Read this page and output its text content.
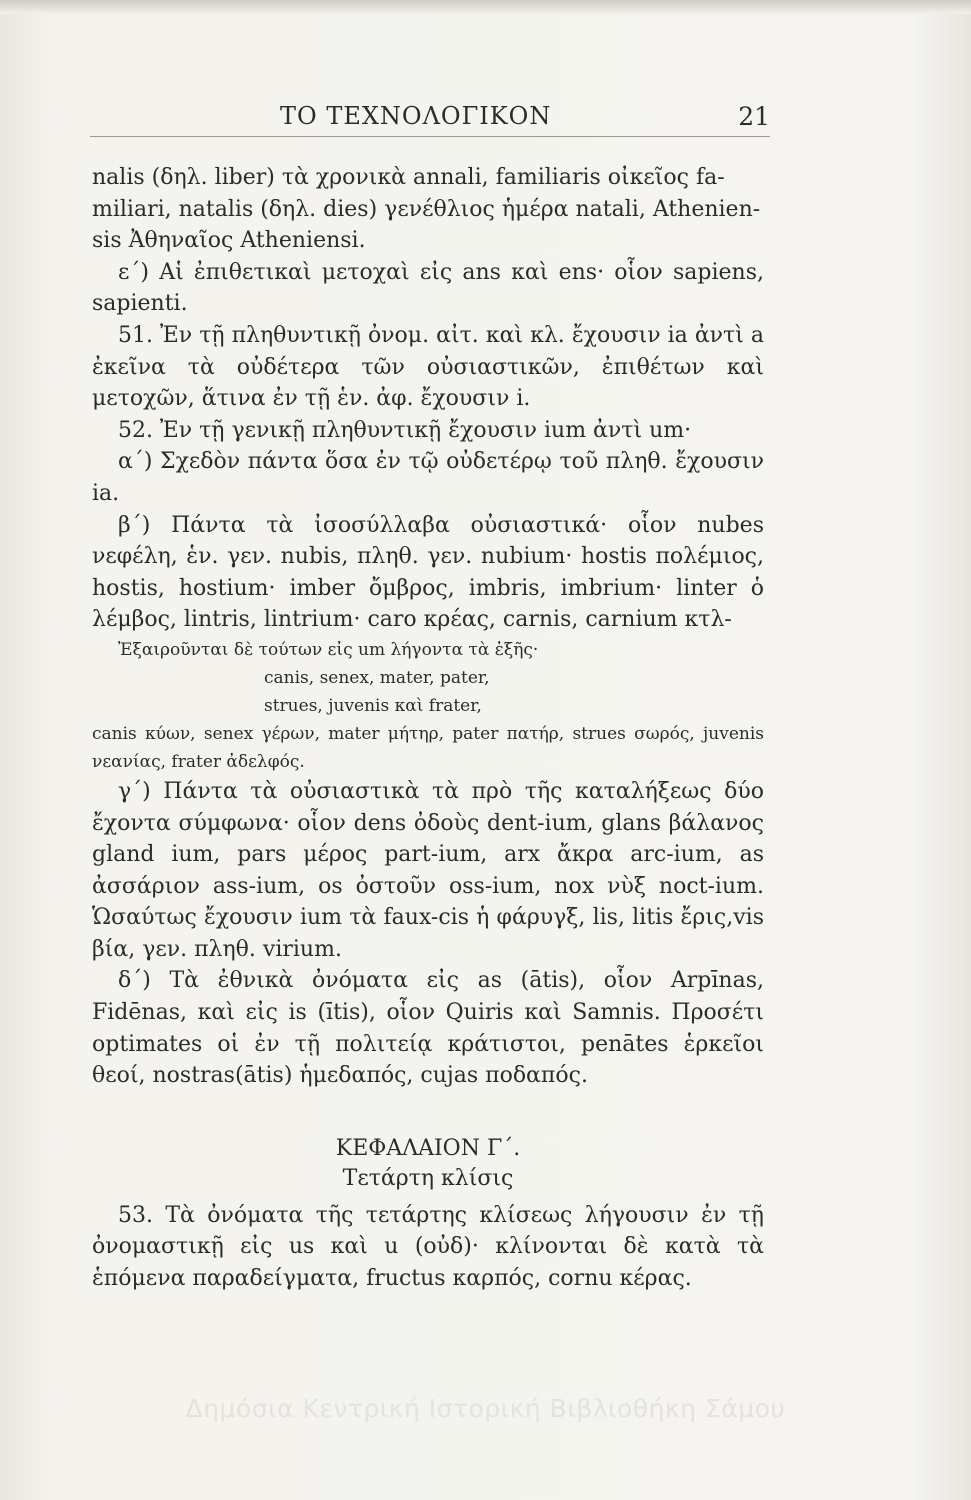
ΤΟ ΤΕΧΝΟΛΟΓΙΚΟΝ	21

nalis (δηλ. liber) τὰ χρονικὰ annali, familiaris οἰκεῖος fa-

miliari, natalis (δηλ. dies) γενέθλιος ἡμέρα natali, Athenien-

sis Ἀθηναῖος Atheniensi.

ε΄) Αἱ ἐπιθετικαὶ μετοχαὶ εἰς ans καὶ ens· οἷον sapiens, sapienti.

51. Ἐν τῇ πληθυντικῇ ὀνομ. αἰτ. καὶ κλ. ἔχουσιν ia ἀντὶ a ἐκεῖνα τὰ οὐδέτερα τῶν οὐσιαστικῶν, ἐπιθέτων καὶ μετοχῶν, ἅτινα ἐν τῇ ἑν. ἀφ. ἔχουσιν i.

52. Ἐν τῇ γενικῇ πληθυντικῇ ἔχουσιν ium ἀντὶ um·

α΄) Σχεδὸν πάντα ὅσα ἐν τῷ οὐδετέρῳ τοῦ πληθ. ἔχουσιν ia.

β΄) Πάντα τὰ ἰσοσύλλαβα οὐσιαστικά· οἷον nubes νεφέλη, ἑν. γεν. nubis, πληθ. γεν. nubium· hostis πολέμιος, hostis, hostium· imber ὄμβρος, imbris, imbrium· linter ὁ λέμβος, lintris, lintrium· caro κρέας, carnis, carnium κτλ-

Ἐξαιροῦνται δὲ τούτων εἰς um λήγοντα τὰ ἑξῆς·

canis, senex, mater, pater,

strues, juvenis καὶ frater,

canis κύων, senex γέρων, mater μήτηρ, pater πατήρ, strues σωρός, juvenis νεανίας, frater ἀδελφός.

γ΄) Πάντα τὰ οὐσιαστικὰ τὰ πρὸ τῆς καταλήξεως δύο ἔχοντα σύμφωνα· οἷον dens ὀδοὺς dent-ium, glans βάλανος gland ium, pars μέρος part-ium, arx ἄκρα arc-ium, as ἀσσάριον ass-ium, os ὀστοῦν oss-ium, nox νὺξ noct-ium. Ὡσαύτως ἔχουσιν ium τὰ faux-cis ἡ φάρυγξ, lis, litis ἔρις,vis βία, γεν. πληθ. virium.

δ΄) Τὰ ἐθνικὰ ὀνόματα εἰς as (ātis), οἷον Arpīnas, Fidēnas, καὶ εἰς is (ītis), οἷον Quiris καὶ Samnis. Προσέτι optimates οἱ ἐν τῇ πολιτείᾳ κράτιστοι, penātes ἑρκεῖοι θεοί, nostras(ātis) ἡμεδαπός, cujas ποδαπός.

ΚΕΦΑΛΑΙΟΝ Γ΄.
Τετάρτη κλίσις

53. Τὰ ὀνόματα τῆς τετάρτης κλίσεως λήγουσιν ἐν τῇ ὀνομαστικῇ εἰς us καὶ u (οὐδ)· κλίνονται δὲ κατὰ τὰ ἑπόμενα παραδείγματα, fructus καρπός, cornu κέρας.

Δημόσια Κεντρική Ιστορική Βιβλιοθήκη Σάμου
